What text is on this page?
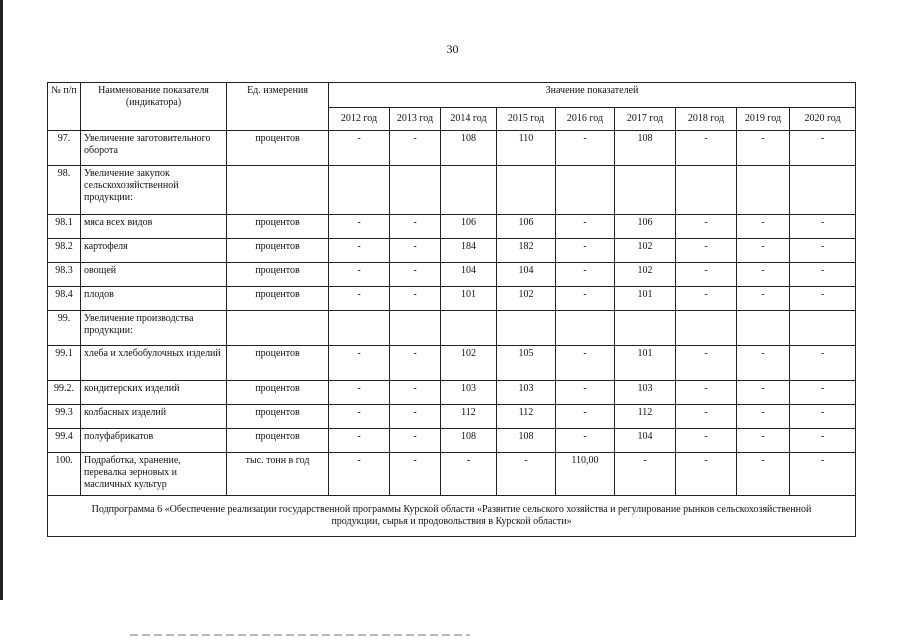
30
№ п/п	Наименование показателя (индикатора)	Ед. измерения	Значение показателей								
			2012 год	2013 год	2014 год	2015 год	2016 год	2017 год	2018 год	2019 год	2020 год
97.	Увеличение заготовительного оборота	процентов	-	-	108	110	-	108	-	-	-
98.	Увеличение закупок сельскохозяйственной продукции:										
98.1	мяса всех видов	процентов	-	-	106	106	-	106	-	-	-
98.2	картофеля	процентов	-	-	184	182	-	102	-	-	-
98.3	овощей	процентов	-	-	104	104	-	102	-	-	-
98.4	плодов	процентов	-	-	101	102	-	101	-	-	-
99.	Увеличение производства продукции:										
99.1	хлеба и хлебобулочных изделий	процентов	-	-	102	105	-	101	-	-	-
99.2.	кондитерских изделий	процентов	-	-	103	103	-	103	-	-	-
99.3	колбасных изделий	процентов	-	-	112	112	-	112	-	-	-
99.4	полуфабрикатов	процентов	-	-	108	108	-	104	-	-	-
100.	Подработка, хранение, перевалка зерновых и масличных культур	тыс. тонн в год	-	-	-	-	110,00	-	-	-	-
Подпрограмма 6 «Обеспечение реализации государственной программы Курской области «Развитие сельского хозяйства и регулирование рынков сельскохозяйственной продукции, сырья и продовольствия в Курской области»											
